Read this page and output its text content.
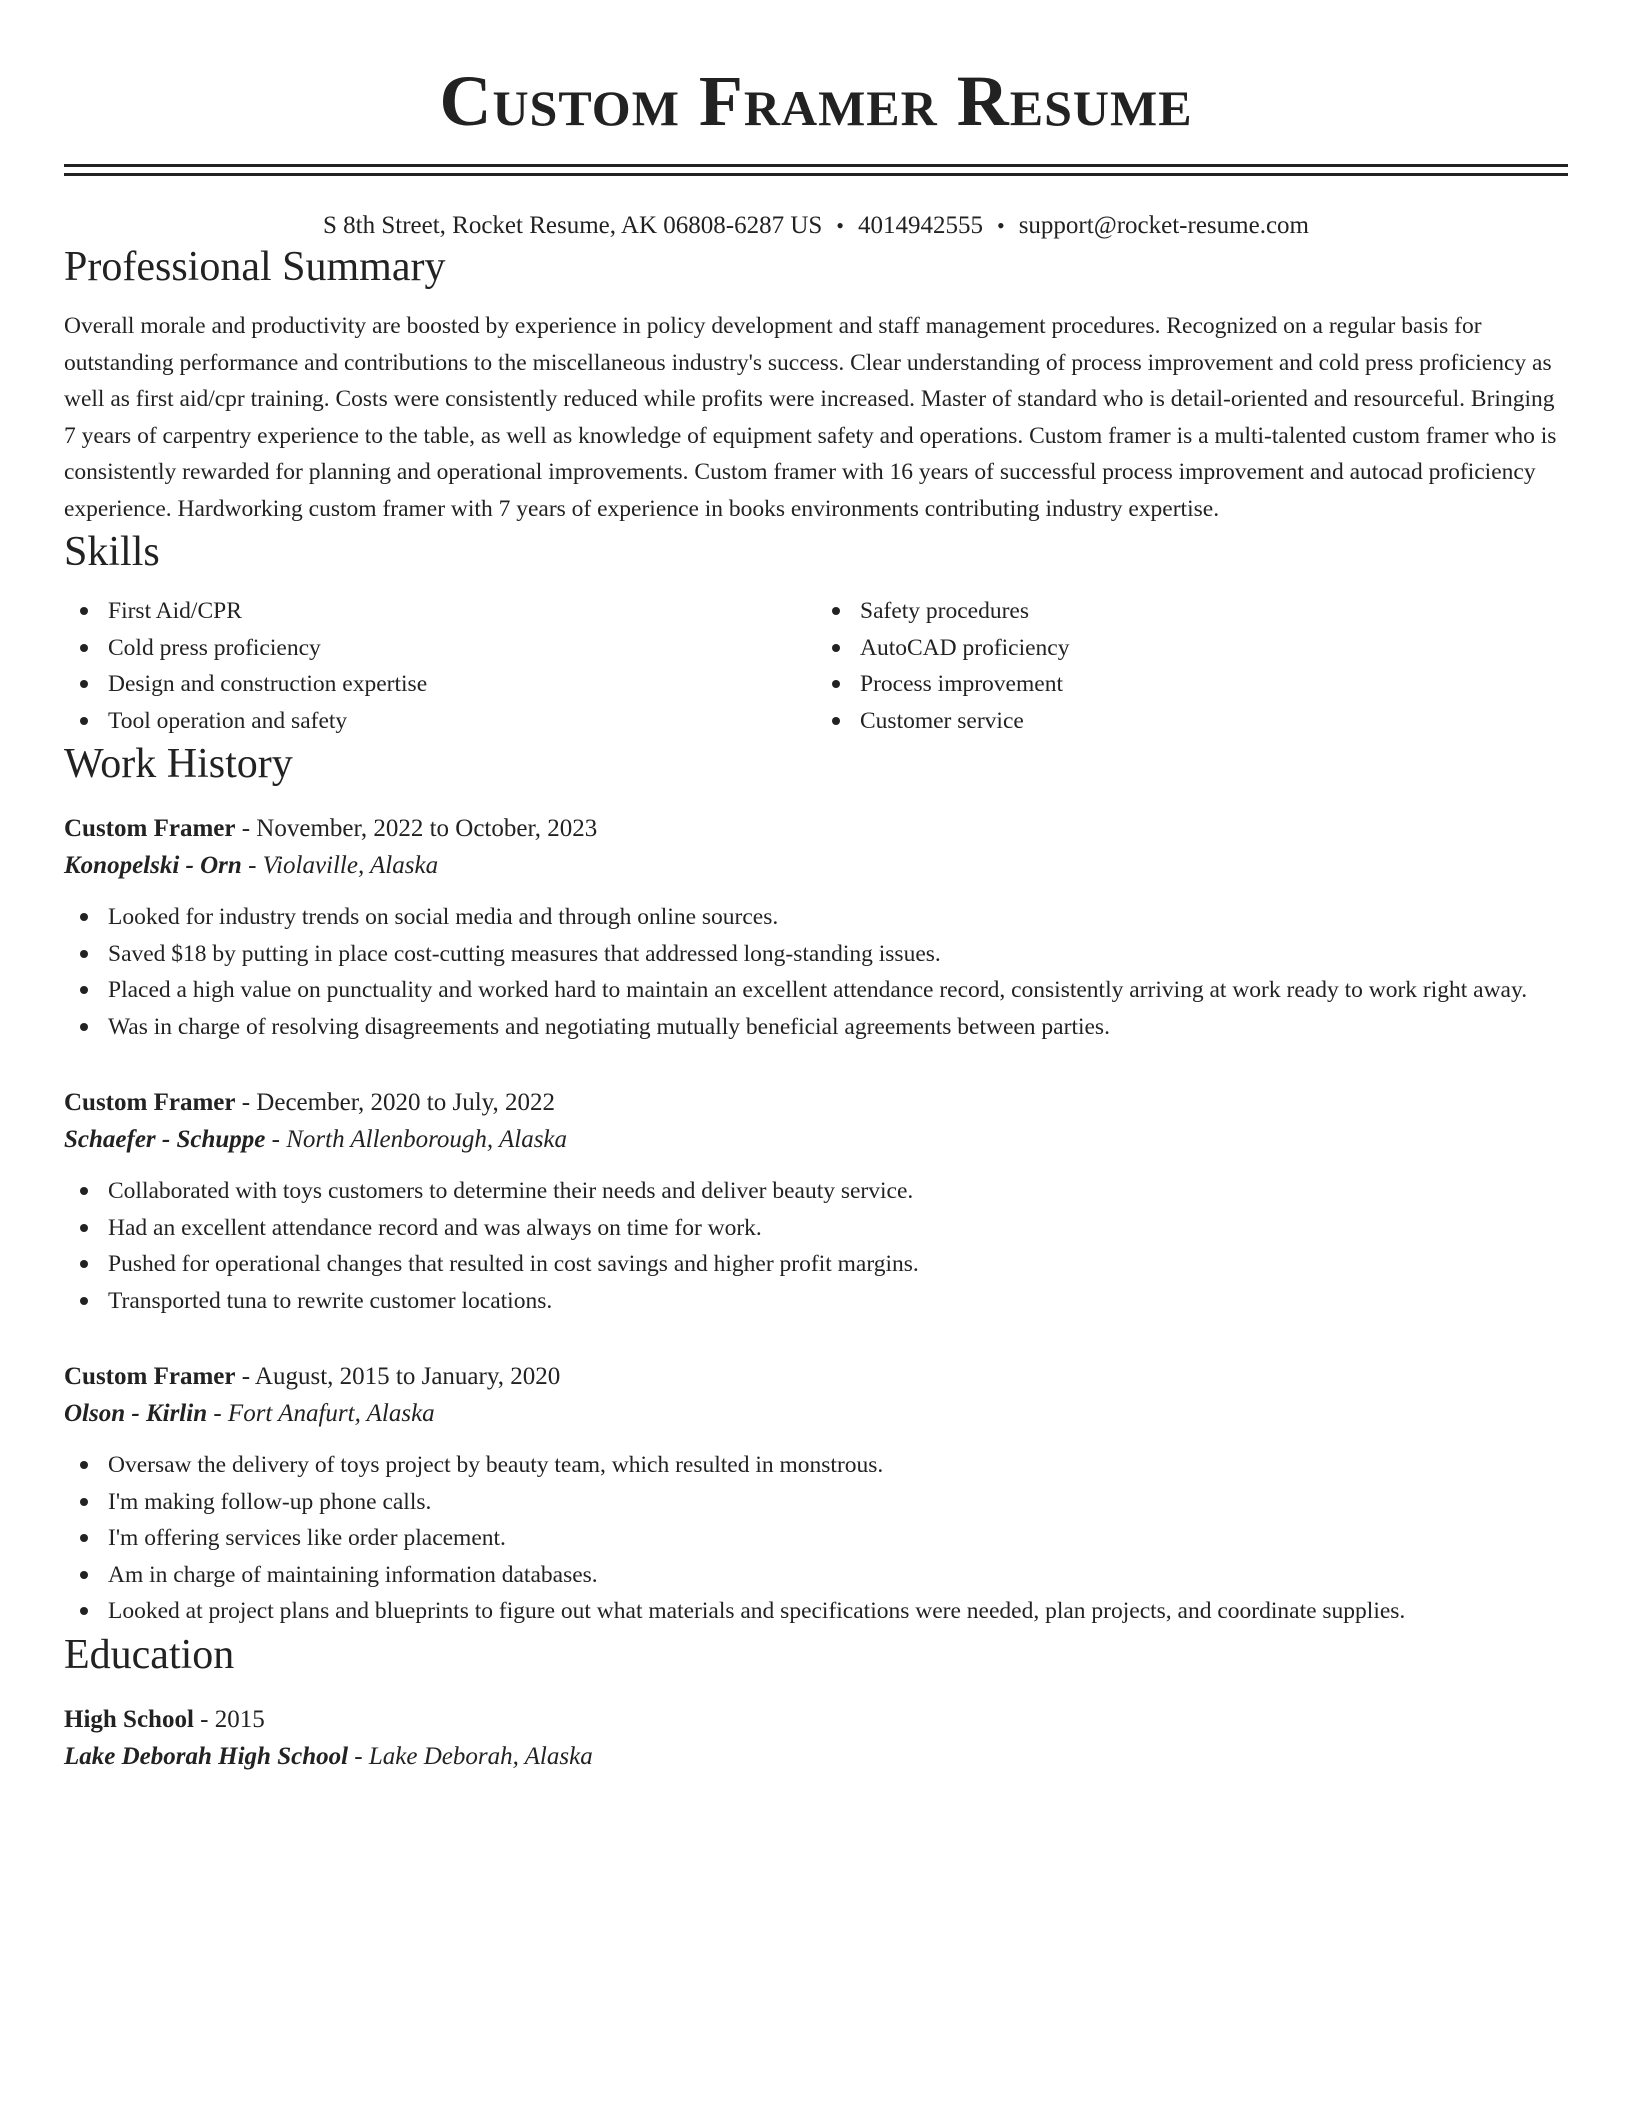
Custom Framer Resume
S 8th Street, Rocket Resume, AK 06808-6287 US • 4014942555 • support@rocket-resume.com
Professional Summary
Overall morale and productivity are boosted by experience in policy development and staff management procedures. Recognized on a regular basis for outstanding performance and contributions to the miscellaneous industry's success. Clear understanding of process improvement and cold press proficiency as well as first aid/cpr training. Costs were consistently reduced while profits were increased. Master of standard who is detail-oriented and resourceful. Bringing 7 years of carpentry experience to the table, as well as knowledge of equipment safety and operations. Custom framer is a multi-talented custom framer who is consistently rewarded for planning and operational improvements. Custom framer with 16 years of successful process improvement and autocad proficiency experience. Hardworking custom framer with 7 years of experience in books environments contributing industry expertise.
Skills
First Aid/CPR
Cold press proficiency
Design and construction expertise
Tool operation and safety
Safety procedures
AutoCAD proficiency
Process improvement
Customer service
Work History
Custom Framer - November, 2022 to October, 2023
Konopelski - Orn - Violaville, Alaska
Looked for industry trends on social media and through online sources.
Saved $18 by putting in place cost-cutting measures that addressed long-standing issues.
Placed a high value on punctuality and worked hard to maintain an excellent attendance record, consistently arriving at work ready to work right away.
Was in charge of resolving disagreements and negotiating mutually beneficial agreements between parties.
Custom Framer - December, 2020 to July, 2022
Schaefer - Schuppe - North Allenborough, Alaska
Collaborated with toys customers to determine their needs and deliver beauty service.
Had an excellent attendance record and was always on time for work.
Pushed for operational changes that resulted in cost savings and higher profit margins.
Transported tuna to rewrite customer locations.
Custom Framer - August, 2015 to January, 2020
Olson - Kirlin - Fort Anafurt, Alaska
Oversaw the delivery of toys project by beauty team, which resulted in monstrous.
I'm making follow-up phone calls.
I'm offering services like order placement.
Am in charge of maintaining information databases.
Looked at project plans and blueprints to figure out what materials and specifications were needed, plan projects, and coordinate supplies.
Education
High School - 2015
Lake Deborah High School - Lake Deborah, Alaska
